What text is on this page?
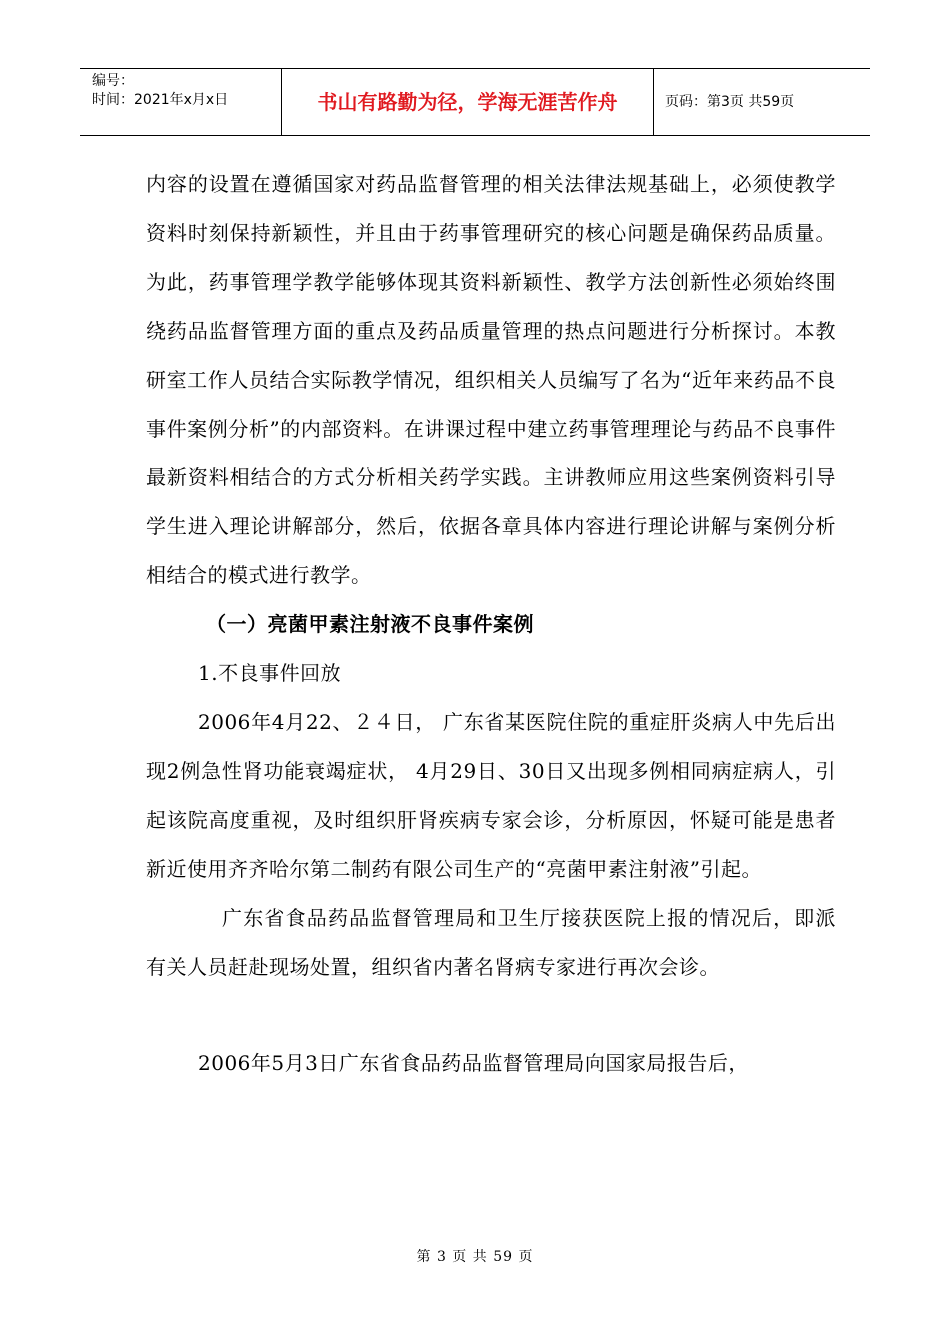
编号：
时间：2021年x月x日	书山有路勤为径，学海无涯苦作舟	页码：第3页 共59页

内容的设置在遵循国家对药品监督管理的相关法律法规基础上，必须使教学资料时刻保持新颖性，并且由于药事管理研究的核心问题是确保药品质量。为此，药事管理学教学能够体现其资料新颖性、教学方法创新性必须始终围绕药品监督管理方面的重点及药品质量管理的热点问题进行分析探讨。本教研室工作人员结合实际教学情况，组织相关人员编写了名为“近年来药品不良事件案例分析”的内部资料。在讲课过程中建立药事管理理论与药品不良事件最新资料相结合的方式分析相关药学实践。主讲教师应用这些案例资料引导学生进入理论讲解部分，然后，依据各章具体内容进行理论讲解与案例分析相结合的模式进行教学。

（一）亮菌甲素注射液不良事件案例

1.不良事件回放

2006年4月22、２４日， 广东省某医院住院的重症肝炎病人中先后出现2例急性肾功能衰竭症状， 4月29日、30日又出现多例相同病症病人，引起该院高度重视，及时组织肝肾疾病专家会诊，分析原因，怀疑可能是患者新近使用齐齐哈尔第二制药有限公司生产的“亮菌甲素注射液”引起。

广东省食品药品监督管理局和卫生厅接获医院上报的情况后，即派有关人员赶赴现场处置，组织省内著名肾病专家进行再次会诊。

2006年5月3日广东省食品药品监督管理局向国家局报告后，

第 3 页 共 59 页
